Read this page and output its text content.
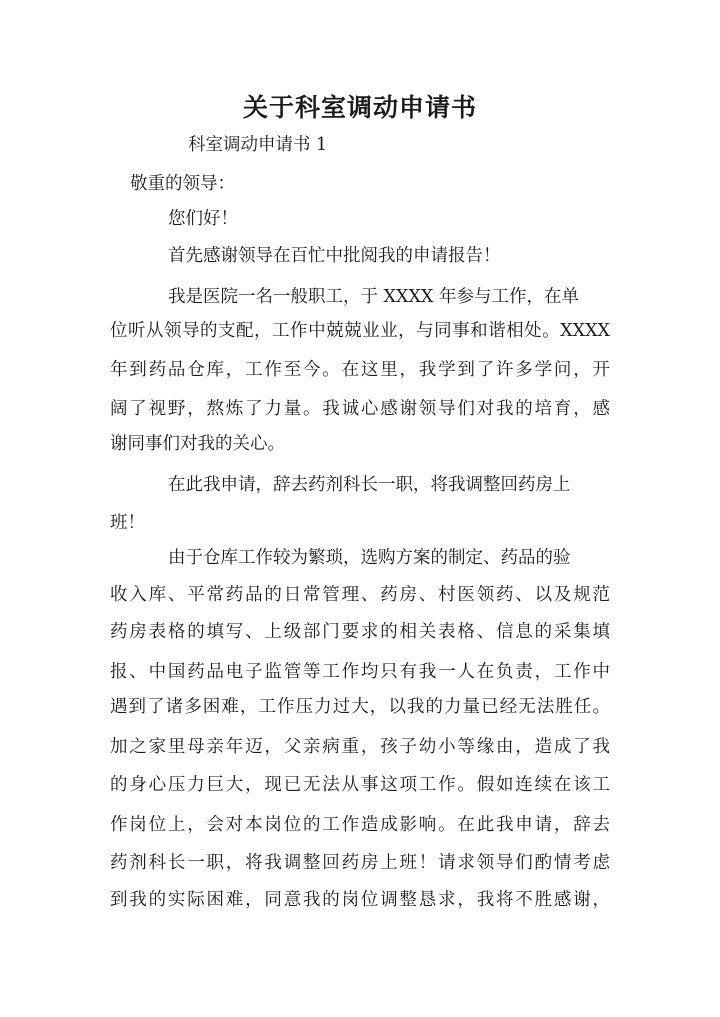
关于科室调动申请书

科室调动申请书 1

敬重的领导：

您们好！

首先感谢领导在百忙中批阅我的申请报告！

我是医院一名一般职工，于 XXXX 年参与工作，在单

位听从领导的支配，工作中兢兢业业，与同事和谐相处。XXXX

年到药品仓库，工作至今。在这里，我学到了许多学问，开

阔了视野，熬炼了力量。我诚心感谢领导们对我的培育，感

谢同事们对我的关心。

在此我申请，辞去药剂科长一职，将我调整回药房上

班！

由于仓库工作较为繁琐，选购方案的制定、药品的验

收入库、平常药品的日常管理、药房、村医领药、以及规范

药房表格的填写、上级部门要求的相关表格、信息的采集填

报、中国药品电子监管等工作均只有我一人在负责，工作中

遇到了诸多困难，工作压力过大，以我的力量已经无法胜任。

加之家里母亲年迈，父亲病重，孩子幼小等缘由，造成了我

的身心压力巨大，现已无法从事这项工作。假如连续在该工

作岗位上，会对本岗位的工作造成影响。在此我申请，辞去

药剂科长一职，将我调整回药房上班！请求领导们酌情考虑

到我的实际困难，同意我的岗位调整恳求，我将不胜感谢，
